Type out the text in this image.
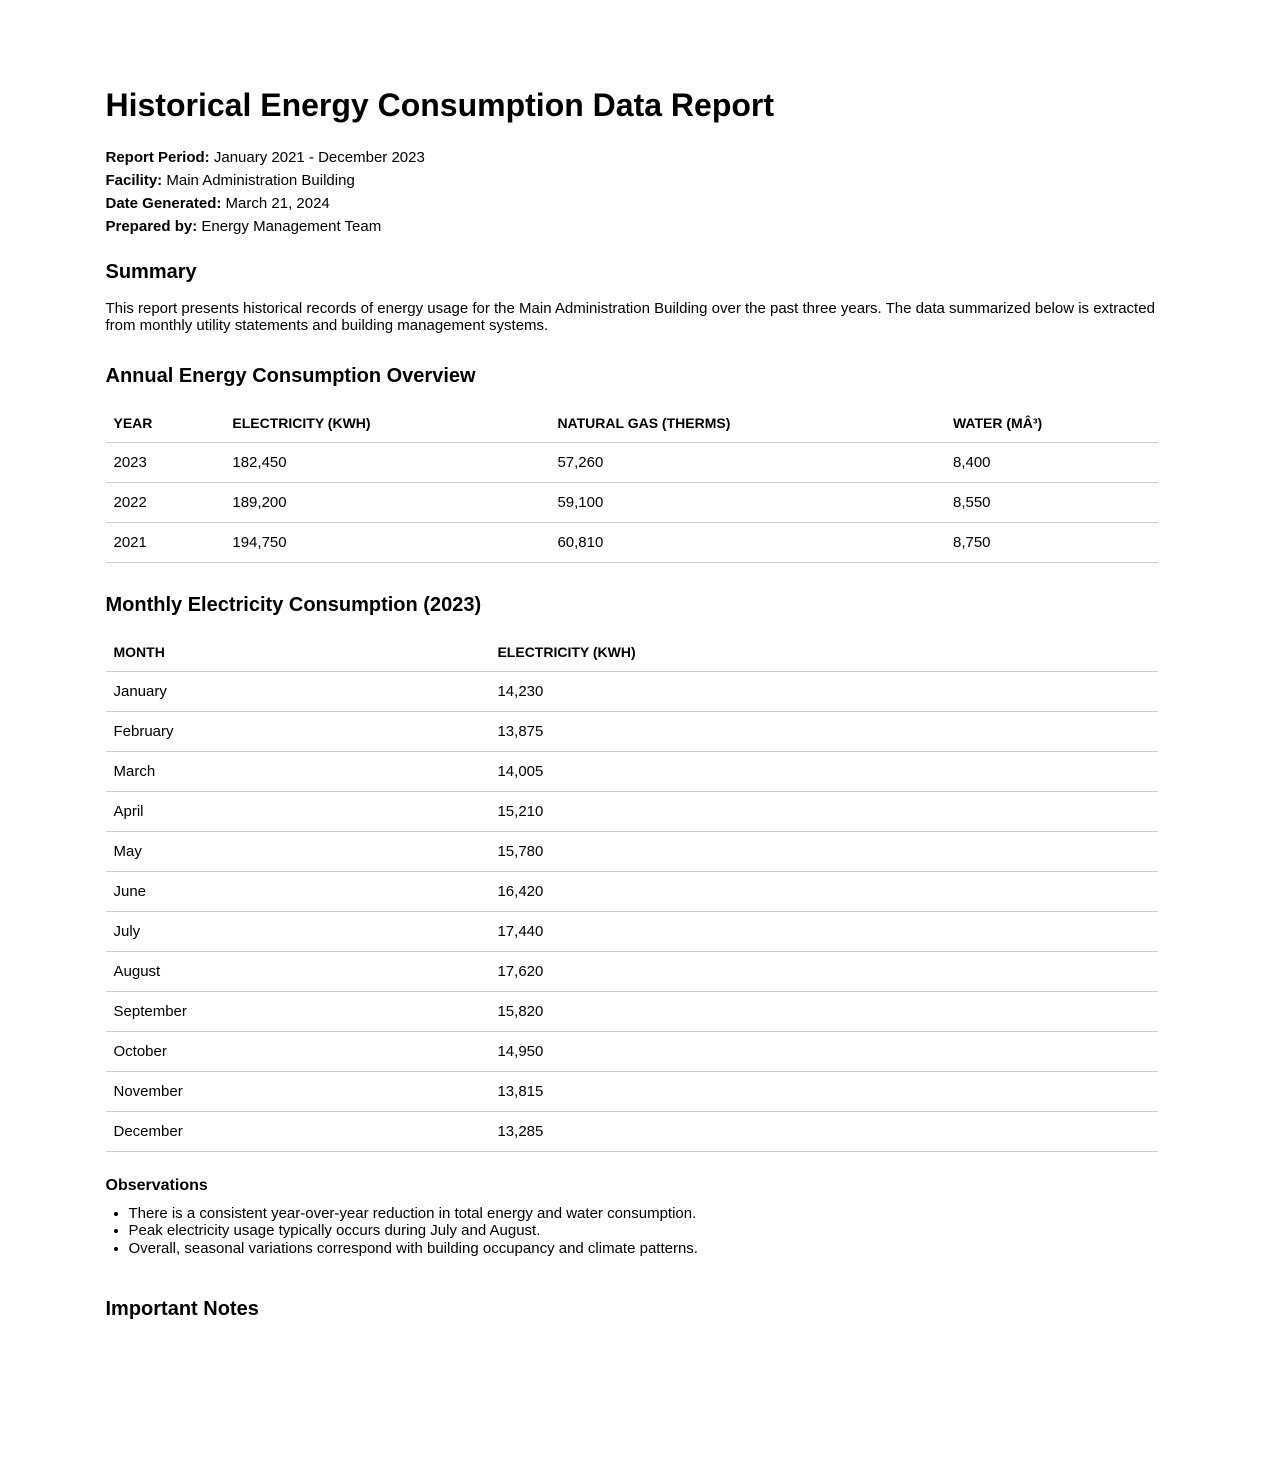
Historical Energy Consumption Data Report

Report Period: January 2021 - December 2023

Facility: Main Administration Building

Date Generated: March 21, 2024

Prepared by: Energy Management Team

Summary

This report presents historical records of energy usage for the Main Administration Building over the past three years. The data summarized below is extracted from monthly utility statements and building management systems.

Annual Energy Consumption Overview
YEAR	ELECTRICITY (KWH)	NATURAL GAS (THERMS)	WATER (MÂ³)
2023	182,450	57,260	8,400
2022	189,200	59,100	8,550
2021	194,750	60,810	8,750
Monthly Electricity Consumption (2023)
MONTH	ELECTRICITY (KWH)
January	14,230
February	13,875
March	14,005
April	15,210
May	15,780
June	16,420
July	17,440
August	17,620
September	15,820
October	14,950
November	13,815
December	13,285
Observations
• There is a consistent year-over-year reduction in total energy and water consumption.
• Peak electricity usage typically occurs during July and August.
• Overall, seasonal variations correspond with building occupancy and climate patterns.
Important Notes
